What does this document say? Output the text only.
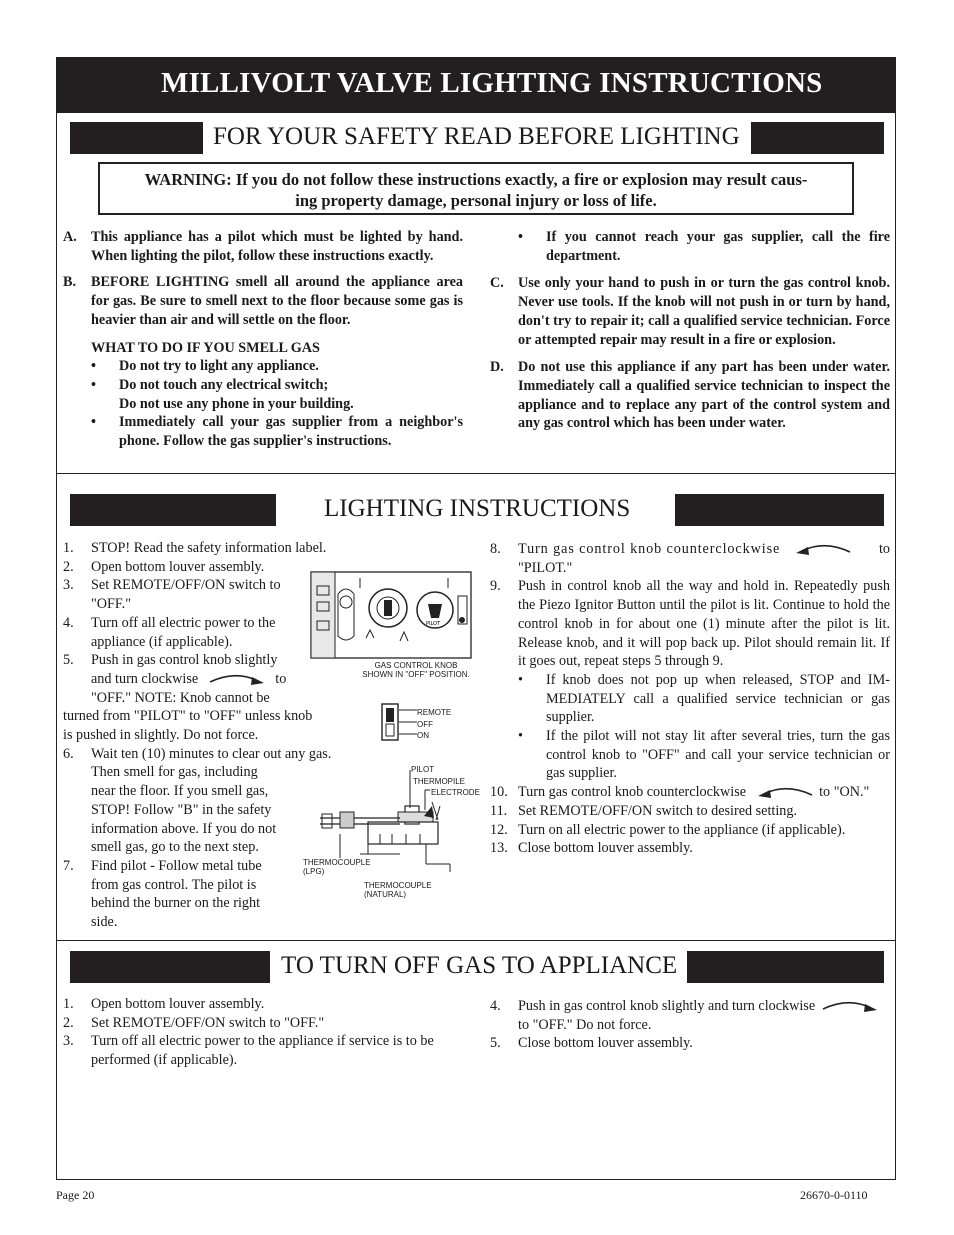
MILLIVOLT VALVE LIGHTING INSTRUCTIONS
FOR YOUR SAFETY READ BEFORE LIGHTING
WARNING: If you do not follow these instructions exactly, a fire or explosion may result caus-
ing property damage, personal injury or loss of life.
A. This appliance has a pilot which must be lighted by hand. When lighting the pilot, follow these instructions exactly.
B. BEFORE LIGHTING smell all around the appliance area for gas. Be sure to smell next to the floor because some gas is heavier than air and will settle on the floor.
WHAT TO DO IF YOU SMELL GAS
• Do not try to light any appliance.
• Do not touch any electrical switch;
Do not use any phone in your building.
• Immediately call your gas supplier from a neighbor's phone. Follow the gas supplier's instructions.
• If you cannot reach your gas supplier, call the fire department.
C. Use only your hand to push in or turn the gas control knob. Never use tools. If the knob will not push in or turn by hand, don't try to repair it; call a qualified service technician. Force or attempted repair may result in a fire or explosion.
D. Do not use this appliance if any part has been under water. Immediately call a qualified service technician to inspect the appliance and to replace any part of the control system and any gas control which has been under water.
LIGHTING INSTRUCTIONS
1. STOP! Read the safety information label.
2. Open bottom louver assembly.
3. Set REMOTE/OFF/ON switch to
"OFF."
4. Turn off all electric power to the
appliance (if applicable).
5. Push in gas control knob slightly
and turn clockwise	to
"OFF." NOTE: Knob cannot be
turned from "PILOT" to "OFF" unless knob
is pushed in slightly. Do not force.
6. Wait ten (10) minutes to clear out any gas.
Then smell for gas, including
near the floor. If you smell gas,
STOP! Follow "B" in the safety
information above. If you do not
smell gas, go to the next step.
7. Find pilot - Follow metal tube
from gas control. The pilot is
behind the burner on the right
side.
PILOT
GAS CONTROL KNOB
SHOWN IN "OFF" POSITION.
REMOTE
OFF
ON
PILOT
THERMOPILE
ELECTRODE
THERMOCOUPLE
(LPG)
THERMOCOUPLE
(NATURAL)
8. Turn gas control knob counterclockwise	to

"PILOT."
9. Push in control knob all the way and hold in. Repeatedly push the Piezo Ignitor Button until the pilot is lit. Continue to hold the control knob in for about one (1) minute after the pilot is lit. Release knob, and it will pop back up. Pilot should remain lit. If it goes out, repeat steps 5 through 9.
• If knob does not pop up when released, STOP and IM-MEDIATELY call a qualified service technician or gas supplier.
• If the pilot will not stay lit after several tries, turn the gas control knob to "OFF" and call your service technician or gas supplier.
10. Turn gas control knob counterclockwise	to "ON."
11. Set REMOTE/OFF/ON switch to desired setting.
12. Turn on all electric power to the appliance (if applicable).
13. Close bottom louver assembly.
TO TURN OFF GAS TO APPLIANCE
1. Open bottom louver assembly.
2. Set REMOTE/OFF/ON switch to "OFF."
3. Turn off all electric power to the appliance if service is to be
performed (if applicable).
4. Push in gas control knob slightly and turn clockwise
to "OFF." Do not force.
5. Close bottom louver assembly.
Page 20	26670-0-0110
